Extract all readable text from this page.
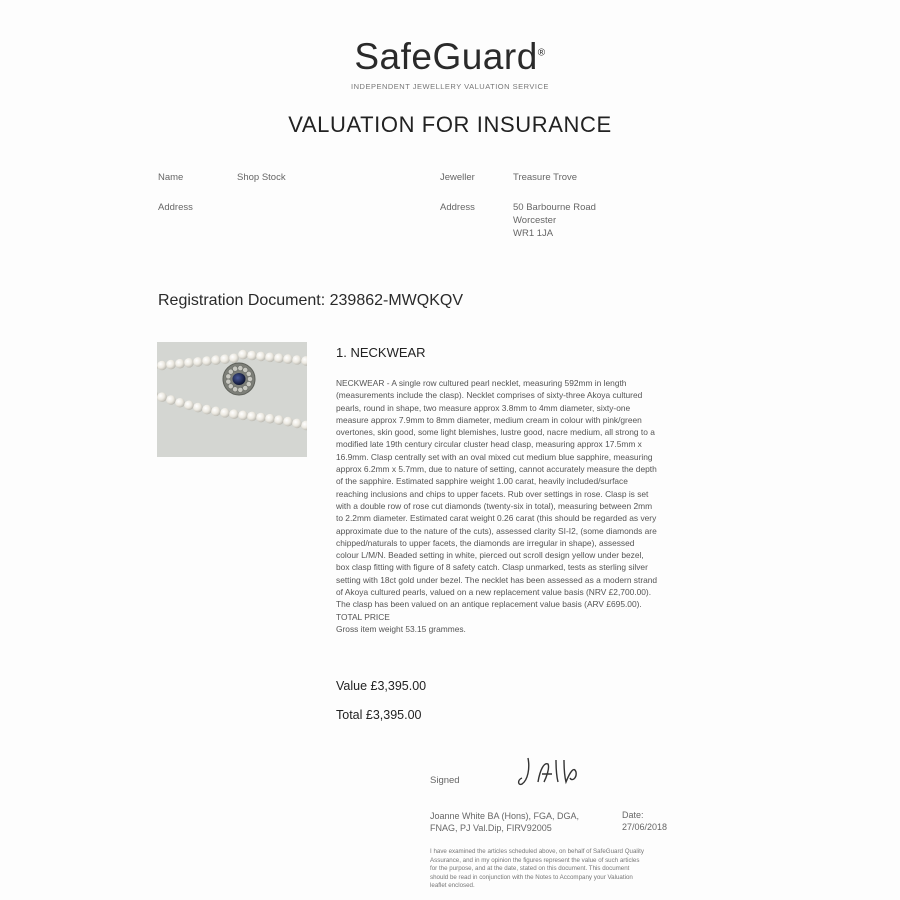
SafeGuard®
INDEPENDENT JEWELLERY VALUATION SERVICE
VALUATION FOR INSURANCE
Name	Shop Stock
Address
Jeweller	Treasure Trove
Address	50 Barbourne Road
Worcester
WR1 1JA
Registration Document: 239862-MWQKQV
1. NECKWEAR
NECKWEAR - A single row cultured pearl necklet, measuring 592mm in length
(measurements include the clasp). Necklet comprises of sixty-three Akoya cultured
pearls, round in shape, two measure approx 3.8mm to 4mm diameter, sixty-one
measure approx 7.9mm to 8mm diameter, medium cream in colour with pink/green
overtones, skin good, some light blemishes, lustre good, nacre medium, all strong to a
modified late 19th century circular cluster head clasp, measuring approx 17.5mm x
16.9mm. Clasp centrally set with an oval mixed cut medium blue sapphire, measuring
approx 6.2mm x 5.7mm, due to nature of setting, cannot accurately measure the depth
of the sapphire. Estimated sapphire weight 1.00 carat, heavily included/surface
reaching inclusions and chips to upper facets. Rub over settings in rose. Clasp is set
with a double row of rose cut diamonds (twenty-six in total), measuring between 2mm
to 2.2mm diameter. Estimated carat weight 0.26 carat (this should be regarded as very
approximate due to the nature of the cuts), assessed clarity SI-I2, (some diamonds are
chipped/naturals to upper facets, the diamonds are irregular in shape), assessed
colour L/M/N. Beaded setting in white, pierced out scroll design yellow under bezel,
box clasp fitting with figure of 8 safety catch. Clasp unmarked, tests as sterling silver
setting with 18ct gold under bezel. The necklet has been assessed as a modern strand
of Akoya cultured pearls, valued on a new replacement value basis (NRV £2,700.00).
The clasp has been valued on an antique replacement value basis (ARV £695.00).
TOTAL PRICE
Gross item weight 53.15 grammes.
Value £3,395.00
Total £3,395.00
Signed
Joanne White BA (Hons), FGA, DGA,
FNAG, PJ Val.Dip, FIRV92005
Date:
27/06/2018
I have examined the articles scheduled above, on behalf of SafeGuard Quality
Assurance, and in my opinion the figures represent the value of such articles
for the purpose, and at the date, stated on this document. This document
should be read in conjunction with the Notes to Accompany your Valuation
leaflet enclosed.
